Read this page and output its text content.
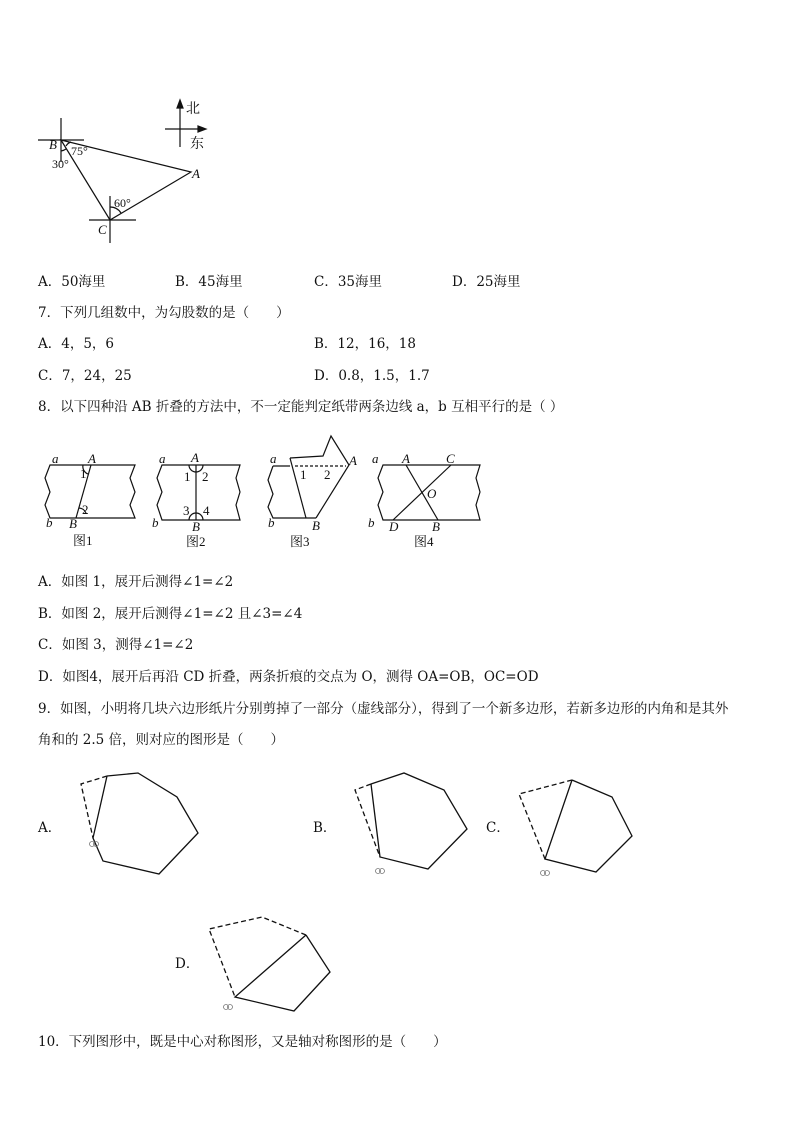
北
东
B
A
C
75°
30°
60°
A．50海里	B．45海里	C．35海里	D．25海里
7．下列几组数中，为勾股数的是（　　）
A．4，5，6	B．12，16，18
C．7，24，25	D．0.8，1.5，1.7
8．以下四种沿 AB 折叠的方法中，不一定能判定纸带两条边线 a，b 互相平行的是（ ）
a A
1
2
b B
图1
a A
1 2
3 4
b	B
图2
a	A
1 2
b	B
图3
a A	C
O
b D	B
图4
A．如图 1，展开后测得∠1=∠2
B．如图 2，展开后测得∠1=∠2 且∠3=∠4
C．如图 3，测得∠1=∠2
D．如图4，展开后再沿 CD 折叠，两条折痕的交点为 O，测得 OA=OB，OC=OD
9．如图，小明将几块六边形纸片分别剪掉了一部分（虚线部分），得到了一个新多边形，若新多边形的内角和是其外
角和的 2.5 倍，则对应的图形是（　　）
A．	B．	C．
D．
10．下列图形中，既是中心对称图形，又是轴对称图形的是（　　）
